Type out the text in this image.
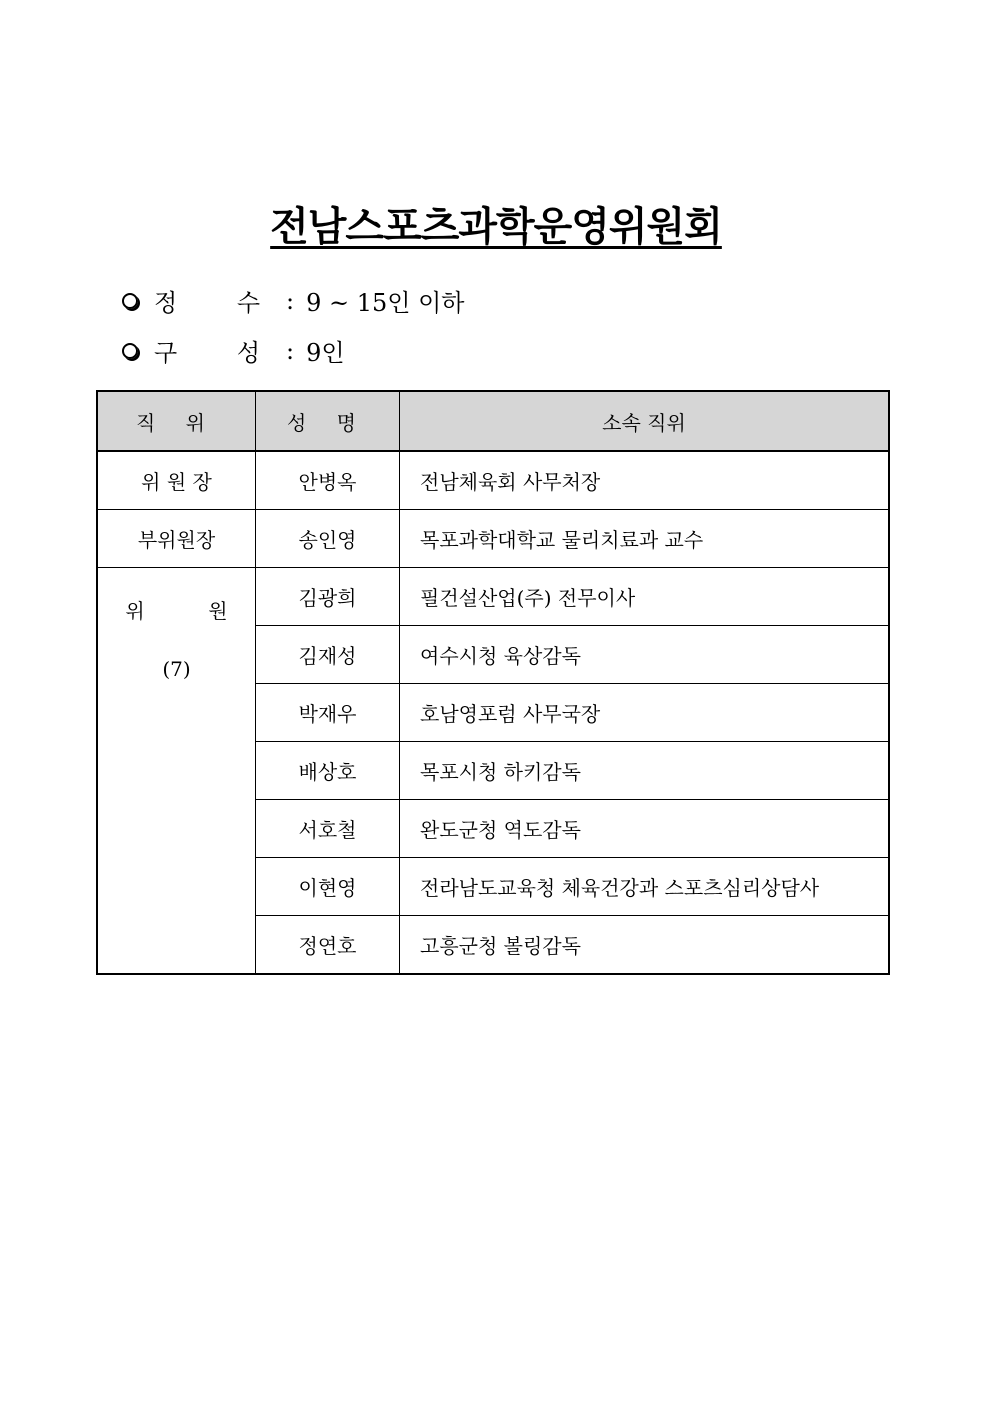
전남스포츠과학운영위원회
정 수 : 9 ~ 15인 이하
구 성 : 9인
직 위	성 명	소속 직위
위 원 장	안병옥	전남체육회 사무처장
부위원장	송인영	목포과학대학교 물리치료과 교수

위          원
(7)	김광희	필건설산업(주) 전무이사
	김재성	여수시청 육상감독
	박재우	호남영포럼 사무국장
	배상호	목포시청 하키감독
	서호철	완도군청 역도감독
	이현영	전라남도교육청 체육건강과 스포츠심리상담사
	정연호	고흥군청 볼링감독
